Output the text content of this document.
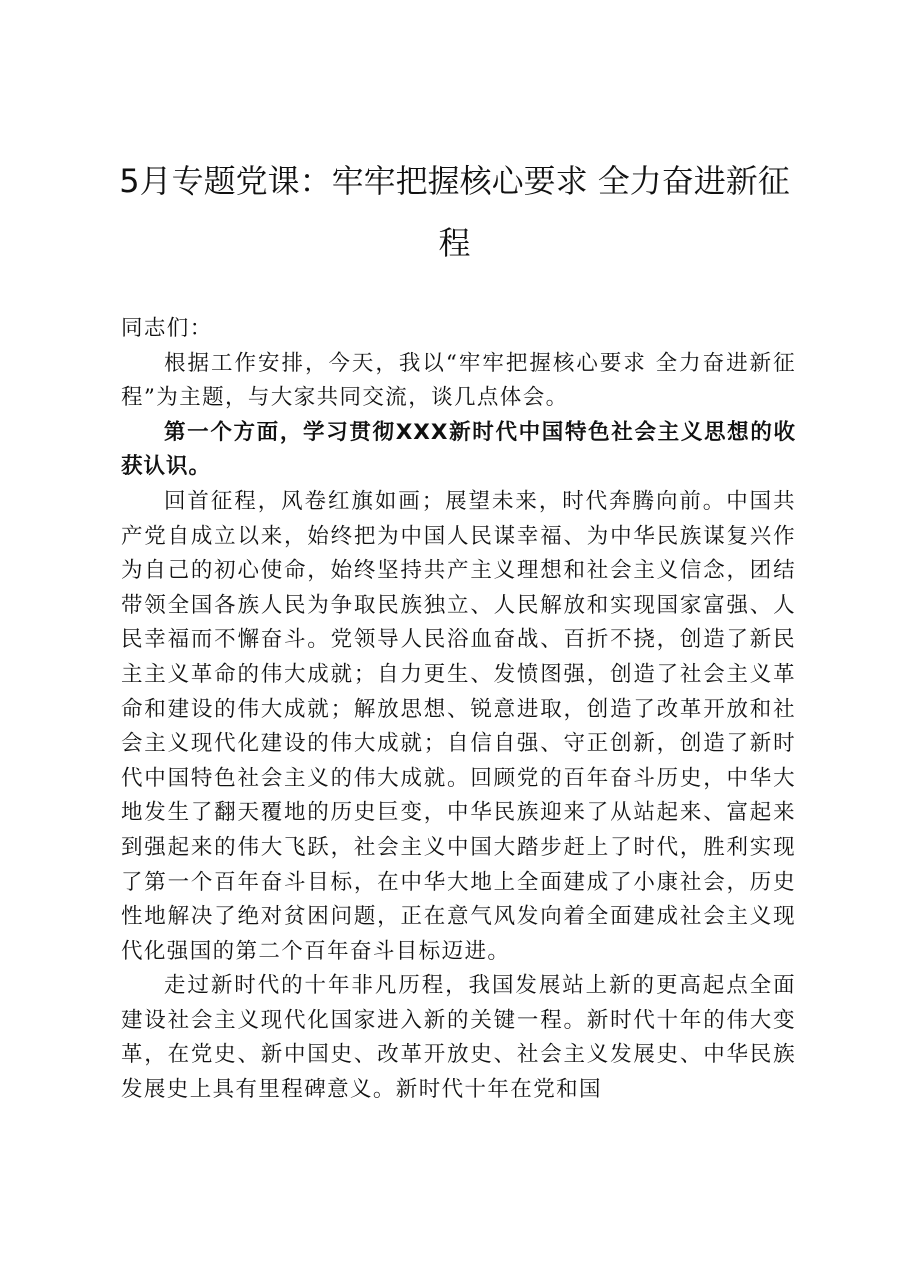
5月专题党课：牢牢把握核心要求 全力奋进新征程

同志们：

根据工作安排，今天，我以“牢牢把握核心要求 全力奋进新征程”为主题，与大家共同交流，谈几点体会。

第一个方面，学习贯彻XXX新时代中国特色社会主义思想的收获认识。

回首征程，风卷红旗如画；展望未来，时代奔腾向前。中国共产党自成立以来，始终把为中国人民谋幸福、为中华民族谋复兴作为自己的初心使命，始终坚持共产主义理想和社会主义信念，团结带领全国各族人民为争取民族独立、人民解放和实现国家富强、人民幸福而不懈奋斗。党领导人民浴血奋战、百折不挠，创造了新民主主义革命的伟大成就；自力更生、发愤图强，创造了社会主义革命和建设的伟大成就；解放思想、锐意进取，创造了改革开放和社会主义现代化建设的伟大成就；自信自强、守正创新，创造了新时代中国特色社会主义的伟大成就。回顾党的百年奋斗历史，中华大地发生了翻天覆地的历史巨变，中华民族迎来了从站起来、富起来到强起来的伟大飞跃，社会主义中国大踏步赶上了时代，胜利实现了第一个百年奋斗目标，在中华大地上全面建成了小康社会，历史性地解决了绝对贫困问题，正在意气风发向着全面建成社会主义现代化强国的第二个百年奋斗目标迈进。

走过新时代的十年非凡历程，我国发展站上新的更高起点全面建设社会主义现代化国家进入新的关键一程。新时代十年的伟大变革，在党史、新中国史、改革开放史、社会主义发展史、中华民族发展史上具有里程碑意义。新时代十年在党和国
